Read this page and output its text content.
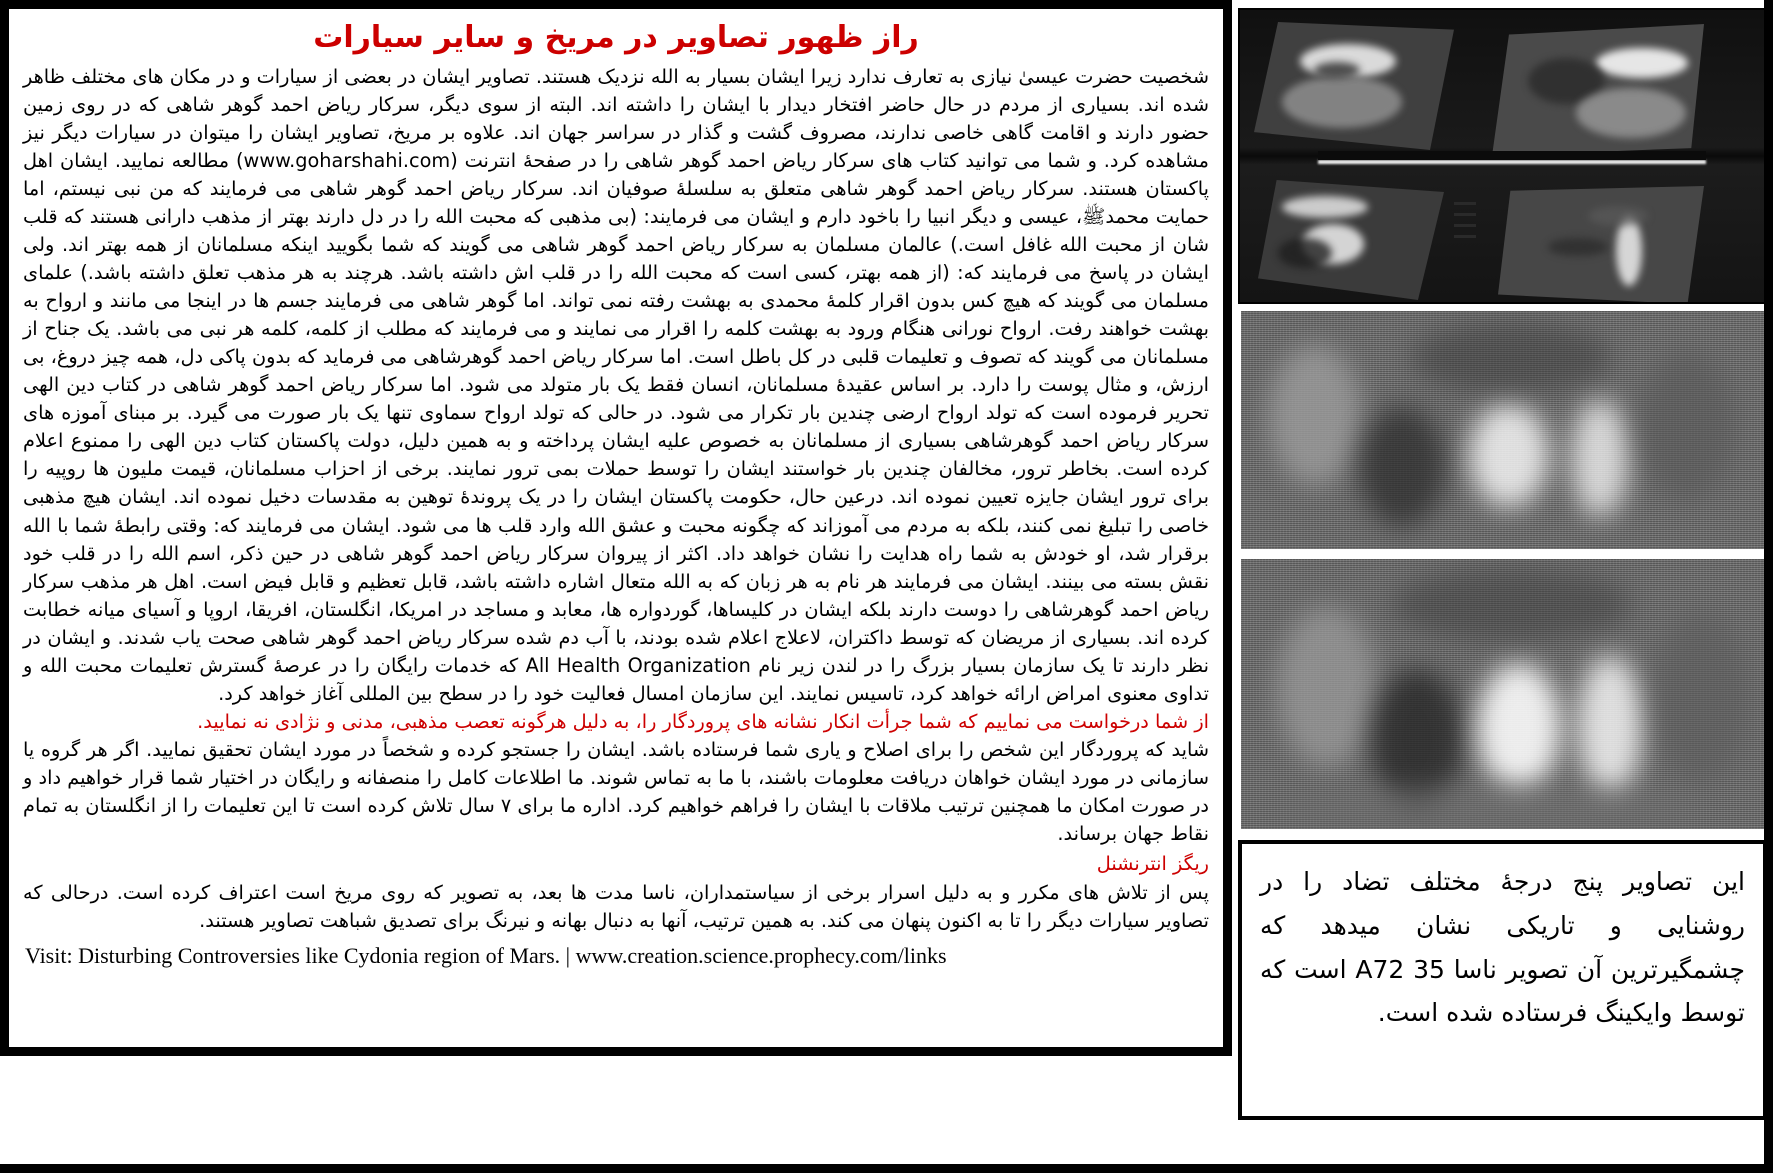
راز ظهور تصاویر در مریخ و سایر سیارات
شخصیت حضرت عیسیٰ نیازی به تعارف ندارد زیرا ایشان بسیار به الله نزدیک هستند. تصاویر ایشان در بعضی از سیارات و در مکان های مختلف ظاهر شده اند. بسیاری از مردم در حال حاضر افتخار دیدار با ایشان را داشته اند. البته از سوی دیگر، سرکار ریاض احمد گوهر شاهی که در روی زمین حضور دارند و اقامت گاهی خاصی ندارند، مصروف گشت و گذار در سراسر جهان اند. علاوه بر مریخ، تصاویر ایشان را میتوان در سیارات دیگر نیز مشاهده کرد. و شما می توانید کتاب های سرکار ریاض احمد گوهر شاهی را در صفحهٔ انترنت (www.goharshahi.com) مطالعه نمایید. ایشان اهل پاکستان هستند. سرکار ریاض احمد گوهر شاهی متعلق به سلسلهٔ صوفیان اند. سرکار ریاض احمد گوهر شاهی می فرمایند که من نبی نیستم، اما حمایت محمدﷺ، عیسی و دیگر انبیا را باخود دارم و ایشان می فرمایند: (بی مذهبی که محبت الله را در دل دارند بهتر از مذهب دارانی هستند که قلب شان از محبت الله غافل است.) عالمان مسلمان به سرکار ریاض احمد گوهر شاهی می گویند که شما بگویید اینکه مسلمانان از همه بهتر اند. ولی ایشان در پاسخ می فرمایند که: (از همه بهتر، کسی است که محبت الله را در قلب اش داشته باشد. هرچند به هر مذهب تعلق داشته باشد.) علمای مسلمان می گویند که هیچ کس بدون اقرار کلمهٔ محمدی به بهشت رفته نمی تواند. اما گوهر شاهی می فرمایند جسم ها در اینجا می مانند و ارواح به بهشت خواهند رفت. ارواح نورانی هنگام ورود به بهشت کلمه را اقرار می نمایند و می فرمایند که مطلب از کلمه، کلمه هر نبی می باشد. یک جناح از مسلمانان می گویند که تصوف و تعلیمات قلبی در کل باطل است. اما سرکار ریاض احمد گوهرشاهی می فرماید که بدون پاکی دل، همه چیز دروغ، بی ارزش، و مثال پوست را دارد. بر اساس عقیدهٔ مسلمانان، انسان فقط یک بار متولد می شود. اما سرکار ریاض احمد گوهر شاهی در کتاب دین الهی تحریر فرموده است که تولد ارواح ارضی چندین بار تکرار می شود. در حالی که تولد ارواح سماوی تنها یک بار صورت می گیرد. بر مبنای آموزه های سرکار ریاض احمد گوهرشاهی بسیاری از مسلمانان به خصوص علیه ایشان پرداخته و به همین دلیل، دولت پاکستان کتاب دین الهی را ممنوع اعلام کرده است. بخاطر ترور، مخالفان چندین بار خواستند ایشان را توسط حملات بمی ترور نمایند. برخی از احزاب مسلمانان، قیمت ملیون ها روپیه را برای ترور ایشان جایزه تعیین نموده اند. درعین حال، حکومت پاکستان ایشان را در یک پروندهٔ توهین به مقدسات دخیل نموده اند. ایشان هیچ مذهبی خاصی را تبلیغ نمی کنند، بلکه به مردم می آموزاند که چگونه محبت و عشق الله وارد قلب ها می شود. ایشان می فرمایند که: وقتی رابطهٔ شما با الله برقرار شد، او خودش به شما راه هدایت را نشان خواهد داد. اکثر از پیروان سرکار ریاض احمد گوهر شاهی در حین ذکر، اسم الله را در قلب خود نقش بسته می بینند. ایشان می فرمایند هر نام به هر زبان که به الله متعال اشاره داشته باشد، قابل تعظیم و قابل فیض است. اهل هر مذهب سرکار ریاض احمد گوهرشاهی را دوست دارند بلکه ایشان در کلیساها، گوردواره ها، معابد و مساجد در امریکا، انگلستان، افریقا، اروپا و آسیای میانه خطابت کرده اند. بسیاری از مریضان که توسط داکتران، لاعلاج اعلام شده بودند، با آب دم شده سرکار ریاض احمد گوهر شاهی صحت یاب شدند. و ایشان در نظر دارند تا یک سازمان بسیار بزرگ را در لندن زیر نام All Health Organization که خدمات رایگان را در عرصهٔ گسترش تعلیمات محبت الله و تداوی معنوی امراض ارائه خواهد کرد، تاسیس نمایند. این سازمان امسال فعالیت خود را در سطح بین المللی آغاز خواهد کرد.
از شما درخواست می نماییم که شما جرأت انکار نشانه های پروردگار را، به دلیل هرگونه تعصب مذهبی، مدنی و نژادی نه نمایید.
شاید که پروردگار این شخص را برای اصلاح و یاری شما فرستاده باشد. ایشان را جستجو کرده و شخصاً در مورد ایشان تحقیق نمایید. اگر هر گروه یا سازمانی در مورد ایشان خواهان دریافت معلومات باشند، با ما به تماس شوند. ما اطلاعات کامل را منصفانه و رایگان در اختیار شما قرار خواهیم داد و در صورت امکان ما همچنین ترتیب ملاقات با ایشان را فراهم خواهیم کرد. اداره ما برای ۷ سال تلاش کرده است تا این تعلیمات را از انگلستان به تمام نقاط جهان برساند.
ریگز انترنشنل
پس از تلاش های مکرر و به دلیل اسرار برخی از سیاستمداران، ناسا مدت ها بعد، به تصویر که روی مریخ است اعتراف کرده است. درحالی که تصاویر سیارات دیگر را تا به اکنون پنهان می کند. به همین ترتیب، آنها به دنبال بهانه و نیرنگ برای تصدیق شباهت تصاویر هستند.
Visit: Disturbing Controversies like Cydonia region of Mars. | www.creation.science.prophecy.com/links
این تصاویر پنج درجهٔ مختلف تضاد را در روشنایی و تاریکی نشان میدهد که چشمگیرترین آن تصویر ناسا 35 A72 است که توسط وایکینگ فرستاده شده است.
